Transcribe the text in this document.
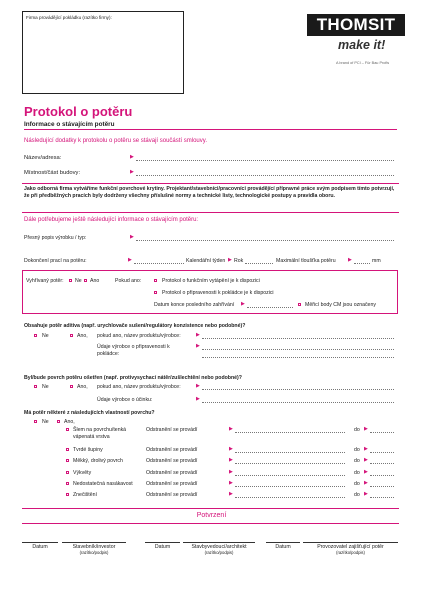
Firma provádějící pokládku (razítko firmy):	THOMSIT
make it!
A brand of PCI – Für Bau Profis
Protokol o potěru
Informace o stávajícím potěru
Následující dodatky k protokolu o potěru se stávají součástí smlouvy.
Název/adresa:	▶
Místnost/část budovy:	▶
Jako odborná firma vytváříme funkční povrchové krytiny. Projektant/stavebníci/pracovníci provádějící přípravné práce svým podpisem tímto potvrzují, že při předběžných pracích byly dodrženy všechny příslušné normy a technické listy, technologické postupy a pravidla oboru.
Dále potřebujeme ještě následující informace o stávajícím potěru:
Přesný popis výrobku / typ:	▶
Dokončení prací na potěru:	▶	Kalendářní týden ▶ Rok	Maximální tloušťka potěru ▶	mm
Vyhřívaný potěr: Ne Ano	Pokud ano:	Protokol o funkčním vytápění je k dispozici
Protokol o připravenosti k pokládce je k dispozici
Datum konce posledního zahřívání ▶	Měřicí body CM jsou označeny
Obsahuje potěr aditiva (např. urychlovače sušení/regulátory konzistence nebo podobné)?
Ne	Ano, pokud ano, název produktu/výrobce:	▶
Údaje výrobce o připravenosti k pokládce:
▶
Byl/bude povrch potěru ošetřen (např. protivysychací nátěr/zušlechtění nebo podobné)?
Ne	Ano, pokud ano, název produktu/výrobce:	▶
Údaje výrobce o účinku:	▶
Má potěr některé z následujících vlastností povrchu?
Ne	Ano,
Šlem na povrchu/tenká vápenatá vrstva
Odstranění se provádí	▶	do ▶
Tvrdé šupiny	Odstranění se provádí	▶	do ▶
Měkký, drolivý povrch	Odstranění se provádí	▶	do ▶
Výkvěty	Odstranění se provádí	▶	do ▶
Nedostatečná nasákavost	Odstranění se provádí	▶	do ▶
Znečištění	Odstranění se provádí	▶	do ▶
Potvrzení
Datum	Stavebník/investor
(razítko/podpis)
Datum	Stavbyvedoucí/architekt
(razítko/podpis)
Datum	Provozovatel zajišťující potěr
(razítko/podpis)
